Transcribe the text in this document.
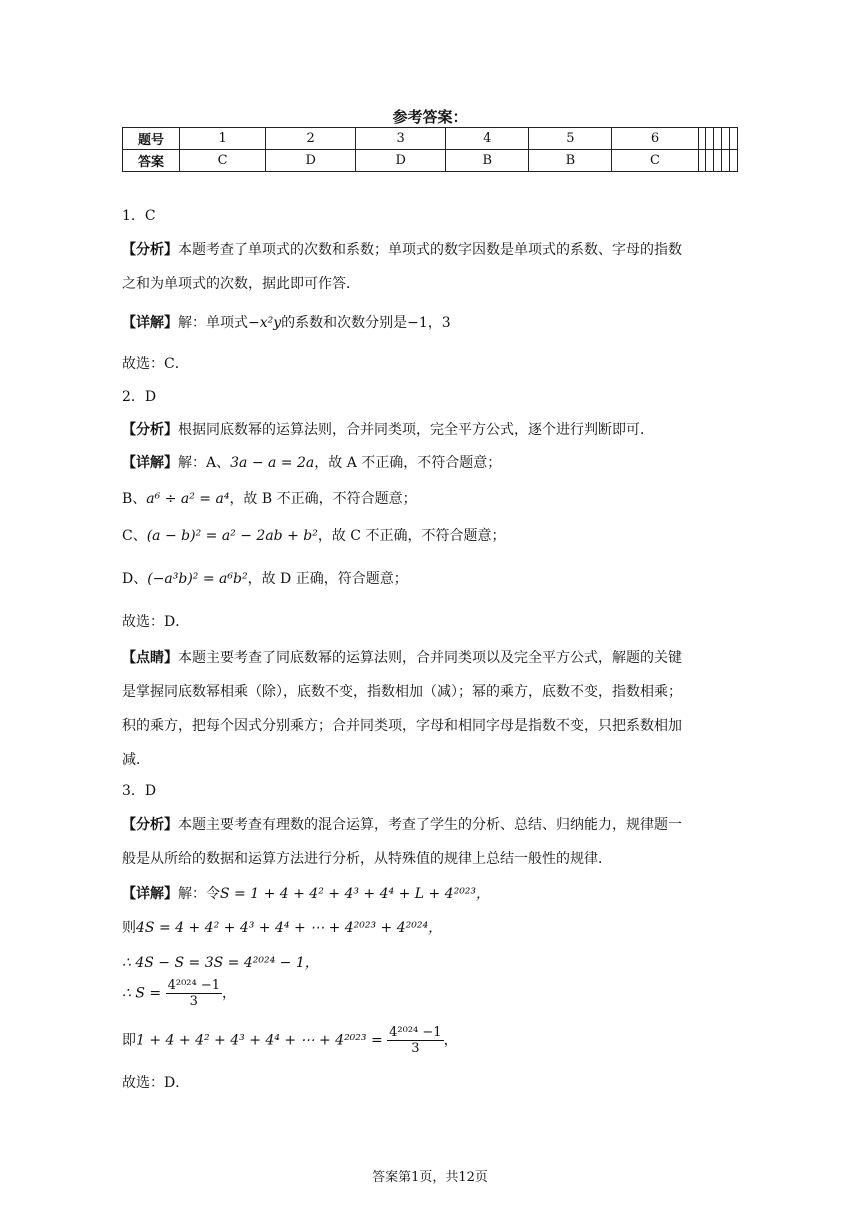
参考答案：
题号	1	2	3	4	5	6					
答案	C	D	D	B	B	C					
1．C
【分析】本题考查了单项式的次数和系数；单项式的数字因数是单项式的系数、字母的指数
之和为单项式的次数，据此即可作答．
【详解】解：单项式−x²y的系数和次数分别是−1，3
故选：C．
2．D
【分析】根据同底数幂的运算法则，合并同类项，完全平方公式，逐个进行判断即可．
【详解】解：A、3a − a = 2a，故 A 不正确，不符合题意；
B、a⁶ ÷ a² = a⁴，故 B 不正确，不符合题意；
C、(a − b)² = a² − 2ab + b²，故 C 不正确，不符合题意；
D、(−a³b)² = a⁶b²，故 D 正确，符合题意；
故选：D．
【点睛】本题主要考查了同底数幂的运算法则，合并同类项以及完全平方公式，解题的关键
是掌握同底数幂相乘（除），底数不变，指数相加（减）；幂的乘方，底数不变，指数相乘；
积的乘方，把每个因式分别乘方；合并同类项，字母和相同字母是指数不变，只把系数相加
减．
3．D
【分析】本题主要考查有理数的混合运算，考查了学生的分析、总结、归纳能力，规律题一
般是从所给的数据和运算方法进行分析，从特殊值的规律上总结一般性的规律．
【详解】解：令S = 1 + 4 + 4² + 4³ + 4⁴ + L + 4²⁰²³，
则4S = 4 + 4² + 4³ + 4⁴ + ⋯ + 4²⁰²³ + 4²⁰²⁴，
∴ 4S − S = 3S = 4²⁰²⁴ − 1，
∴ $S = \frac{\text{4²⁰²⁴ −1}}{3}$ ，
即1 + 4 + 4² + 4³ + 4⁴ + ⋯ + $4^{2023} = \frac{\text{4²⁰²⁴ −1}}{3}$ ，
故选：D．
答案第1页，共12页
